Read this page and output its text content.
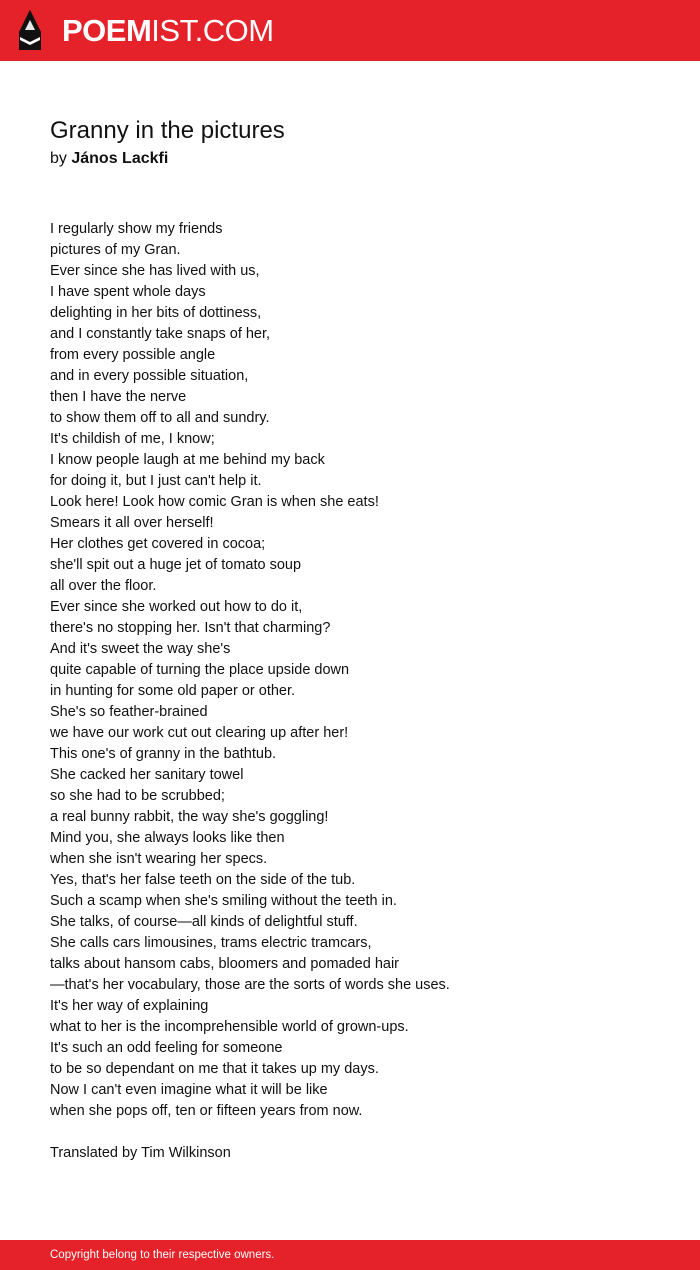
POEMIST.COM
Granny in the pictures
by János Lackfi
I regularly show my friends
pictures of my Gran.
Ever since she has lived with us,
I have spent whole days
delighting in her bits of dottiness,
and I constantly take snaps of her,
from every possible angle
and in every possible situation,
then I have the nerve
to show them off to all and sundry.
It's childish of me, I know;
I know people laugh at me behind my back
for doing it, but I just can't help it.
Look here! Look how comic Gran is when she eats!
Smears it all over herself!
Her clothes get covered in cocoa;
she'll spit out a huge jet of tomato soup
all over the floor.
Ever since she worked out how to do it,
there's no stopping her. Isn't that charming?
And it's sweet the way she's
quite capable of turning the place upside down
in hunting for some old paper or other.
She's so feather-brained
we have our work cut out clearing up after her!
This one's of granny in the bathtub.
She cacked her sanitary towel
so she had to be scrubbed;
a real bunny rabbit, the way she's goggling!
Mind you, she always looks like then
when she isn't wearing her specs.
Yes, that's her false teeth on the side of the tub.
Such a scamp when she's smiling without the teeth in.
She talks, of course—all kinds of delightful stuff.
She calls cars limousines, trams electric tramcars,
talks about hansom cabs, bloomers and pomaded hair
—that's her vocabulary, those are the sorts of words she uses.
It's her way of explaining
what to her is the incomprehensible world of grown-ups.
It's such an odd feeling for someone
to be so dependant on me that it takes up my days.
Now I can't even imagine what it will be like
when she pops off, ten or fifteen years from now.
Translated by Tim Wilkinson
Copyright belong to their respective owners.
